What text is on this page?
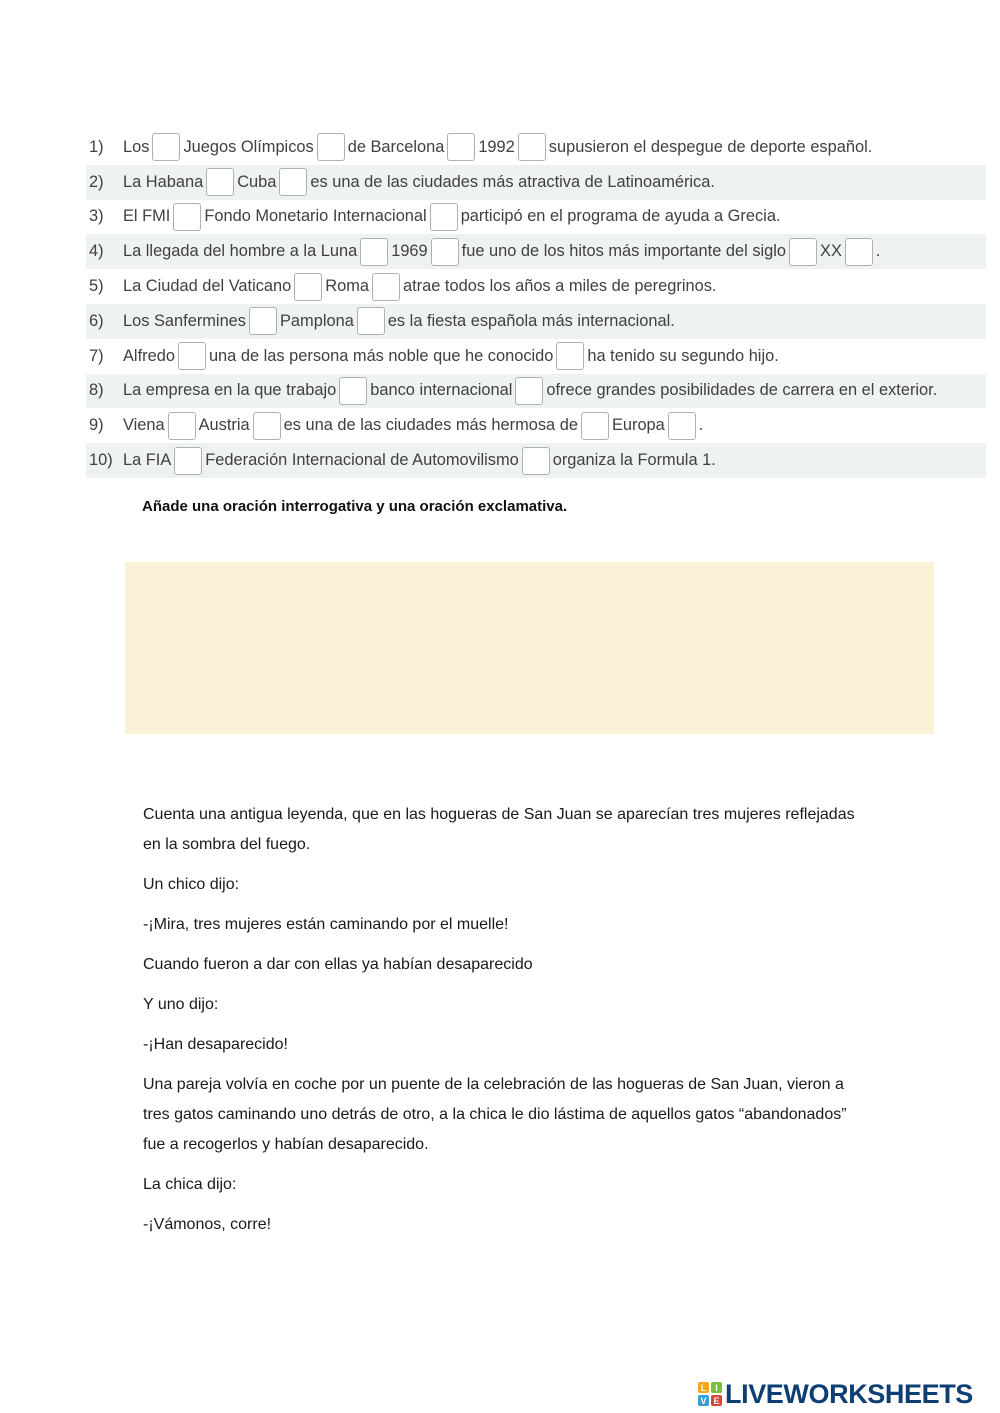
1)	Los Juegos Olímpicos de Barcelona 1992 supusieron el despegue de deporte español.
2)	La Habana Cuba es una de las ciudades más atractiva de Latinoamérica.
3)	El FMI Fondo Monetario Internacional participó en el programa de ayuda a Grecia.
4)	La llegada del hombre a la Luna 1969 fue uno de los hitos más importante del siglo XX .
5)	La Ciudad del Vaticano Roma atrae todos los años a miles de peregrinos.
6)	Los Sanfermines Pamplona es la fiesta española más internacional.
7)	Alfredo una de las persona más noble que he conocido ha tenido su segundo hijo.
8)	La empresa en la que trabajo banco internacional ofrece grandes posibilidades de carrera en el exterior.
9)	Viena Austria es una de las ciudades más hermosa de Europa .
10) La FIA Federación Internacional de Automovilismo organiza la Formula 1.
Añade una oración interrogativa y una oración exclamativa.

Cuenta una antigua leyenda, que en las hogueras de San Juan se aparecían tres mujeres reflejadas en la sombra del fuego.

Un chico dijo:

-¡Mira, tres mujeres están caminando por el muelle!

Cuando fueron a dar con ellas ya habían desaparecido

Y uno dijo:

-¡Han desaparecido!

Una pareja volvía en coche por un puente de la celebración de las hogueras de San Juan, vieron a tres gatos caminando uno detrás de otro, a la chica le dio lástima de aquellos gatos “abandonados” fue a recogerlos y habían desaparecido.

La chica dijo:

-¡Vámonos, corre!

L I
V E LIVEWORKSHEETS
